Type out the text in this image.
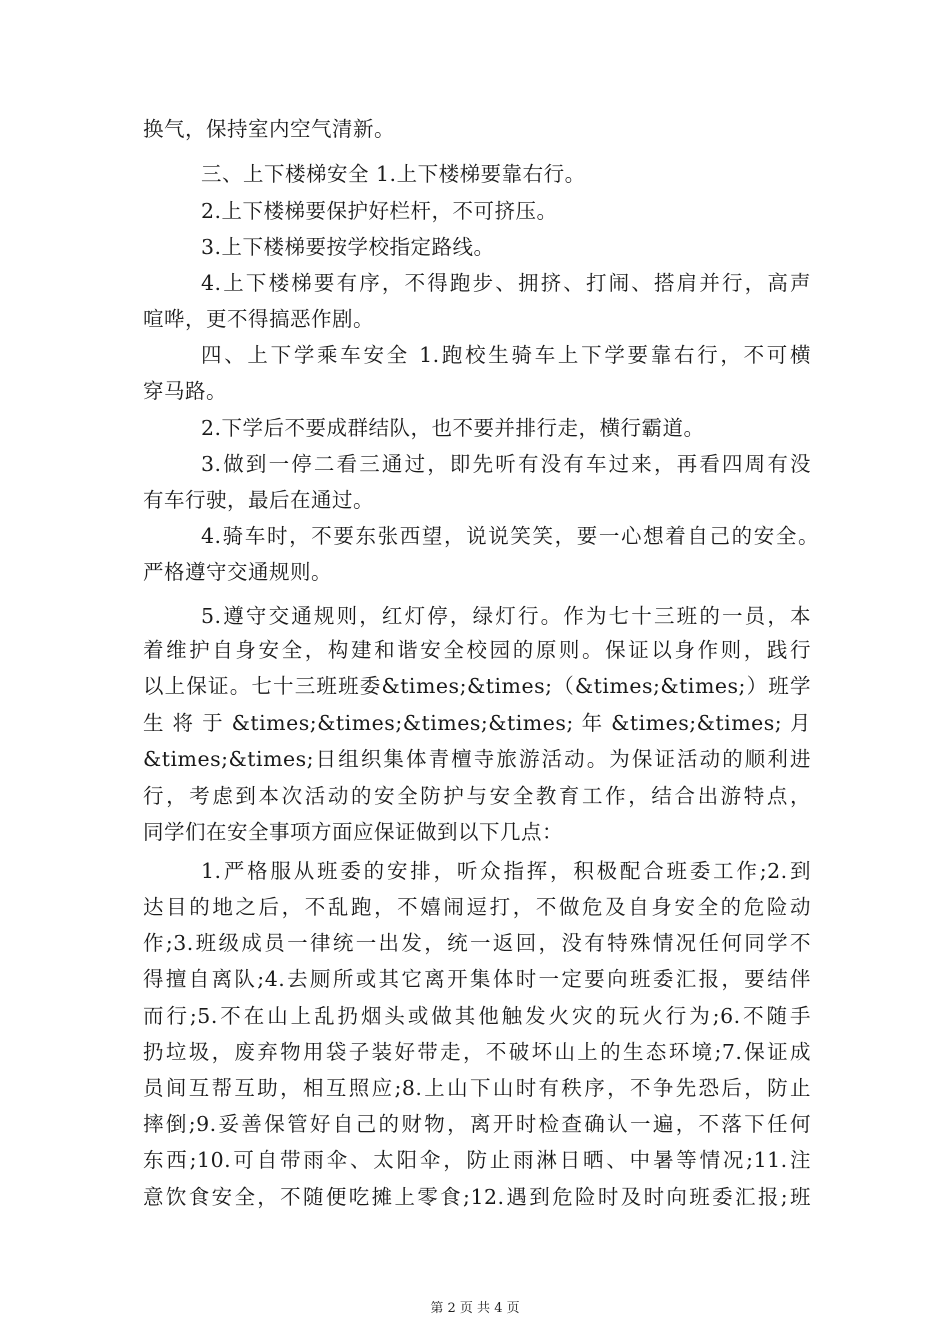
换气，保持室内空气清新。
三、上下楼梯安全 1.上下楼梯要靠右行。
2.上下楼梯要保护好栏杆，不可挤压。
3.上下楼梯要按学校指定路线。
4.上下楼梯要有序，不得跑步、拥挤、打闹、搭肩并行，高声
喧哗，更不得搞恶作剧。
四、上下学乘车安全 1.跑校生骑车上下学要靠右行，不可横
穿马路。
2.下学后不要成群结队，也不要并排行走，横行霸道。
3.做到一停二看三通过，即先听有没有车过来，再看四周有没
有车行驶，最后在通过。
4.骑车时，不要东张西望，说说笑笑，要一心想着自己的安全。
严格遵守交通规则。
5.遵守交通规则，红灯停，绿灯行。作为七十三班的一员，本
着维护自身安全，构建和谐安全校园的原则。保证以身作则，践行
以上保证。七十三班班委&times;&times;（&times;&times;）班学
生 将 于 &times;&times;&times;&times; 年 &times;&times; 月
&times;&times;日组织集体青檀寺旅游活动。为保证活动的顺利进
行，考虑到本次活动的安全防护与安全教育工作，结合出游特点，
同学们在安全事项方面应保证做到以下几点：
1.严格服从班委的安排，听众指挥，积极配合班委工作;2.到
达目的地之后，不乱跑，不嬉闹逗打，不做危及自身安全的危险动
作;3.班级成员一律统一出发，统一返回，没有特殊情况任何同学不
得擅自离队;4.去厕所或其它离开集体时一定要向班委汇报，要结伴
而行;5.不在山上乱扔烟头或做其他触发火灾的玩火行为;6.不随手
扔垃圾，废弃物用袋子装好带走，不破坏山上的生态环境;7.保证成
员间互帮互助，相互照应;8.上山下山时有秩序，不争先恐后，防止
摔倒;9.妥善保管好自己的财物，离开时检查确认一遍，不落下任何
东西;10.可自带雨伞、太阳伞，防止雨淋日晒、中暑等情况;11.注
意饮食安全，不随便吃摊上零食;12.遇到危险时及时向班委汇报;班
第 2 页 共 4 页
